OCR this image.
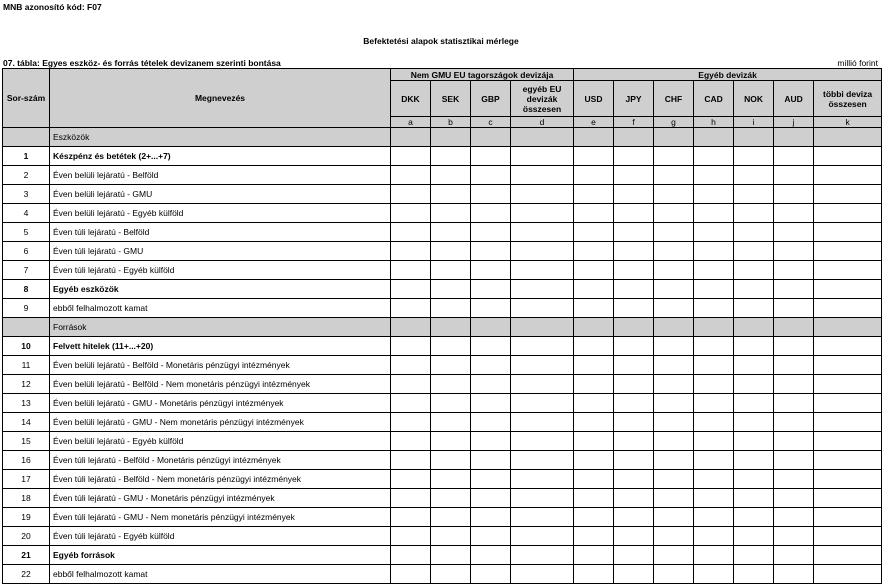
MNB azonosító kód: F07
Befektetési alapok statisztikai mérlege
07. tábla: Egyes eszköz- és forrás tételek devizanem szerinti bontása	millió forint
Sor-szám	Megnevezés	Nem GMU EU tagországok devizája				Egyéb devizák						
		DKK	SEK	GBP	egyéb EU devizák összesen	USD	JPY	CHF	CAD	NOK	AUD	többi deviza összesen
		a	b	c	d	e	f	g	h	i	j	k
	Eszközök											
1	Készpénz és betétek (2+...+7)											
2	Éven belüli lejáratú - Belföld											
3	Éven belüli lejáratú - GMU											
4	Éven belüli lejáratú - Egyéb külföld											
5	Éven túli lejáratú - Belföld											
6	Éven túli lejáratú - GMU											
7	Éven túli lejáratú - Egyéb külföld											
8	Egyéb eszközök											
9	ebből felhalmozott kamat											
	Források											
10	Felvett hitelek (11+...+20)											
11	Éven belüli lejáratú - Belföld - Monetáris pénzügyi intézmények											
12	Éven belüli lejáratú - Belföld - Nem monetáris pénzügyi intézmények											
13	Éven belüli lejáratú - GMU - Monetáris pénzügyi intézmények											
14	Éven belüli lejáratú - GMU - Nem monetáris pénzügyi intézmények											
15	Éven belüli lejáratú - Egyéb külföld											
16	Éven túli lejáratú - Belföld - Monetáris pénzügyi intézmények											
17	Éven túli lejáratú - Belföld - Nem monetáris pénzügyi intézmények											
18	Éven túli lejáratú - GMU - Monetáris pénzügyi intézmények											
19	Éven túli lejáratú - GMU - Nem monetáris pénzügyi intézmények											
20	Éven túli lejáratú - Egyéb külföld											
21	Egyéb források											
22	ebből felhalmozott kamat											
